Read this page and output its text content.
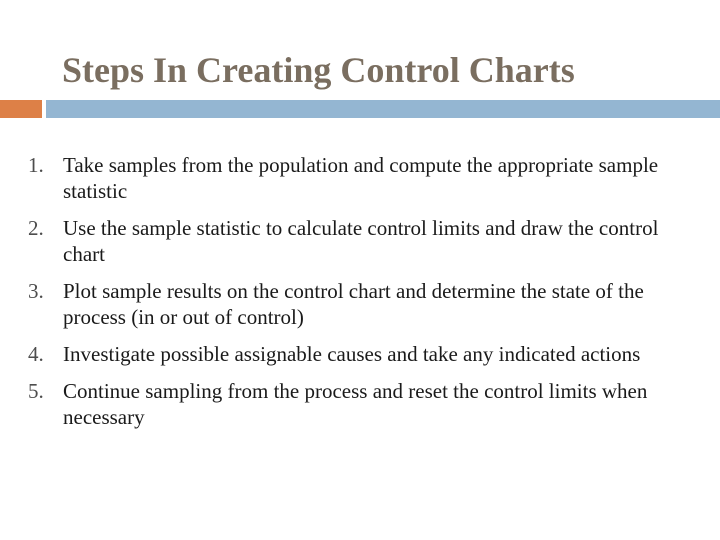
Steps In Creating Control Charts
1. Take samples from the population and compute the appropriate sample statistic
2. Use the sample statistic to calculate control limits and draw the control chart
3. Plot sample results on the control chart and determine the state of the process (in or out of control)
4. Investigate possible assignable causes and take any indicated actions
5. Continue sampling from the process and reset the control limits when necessary
